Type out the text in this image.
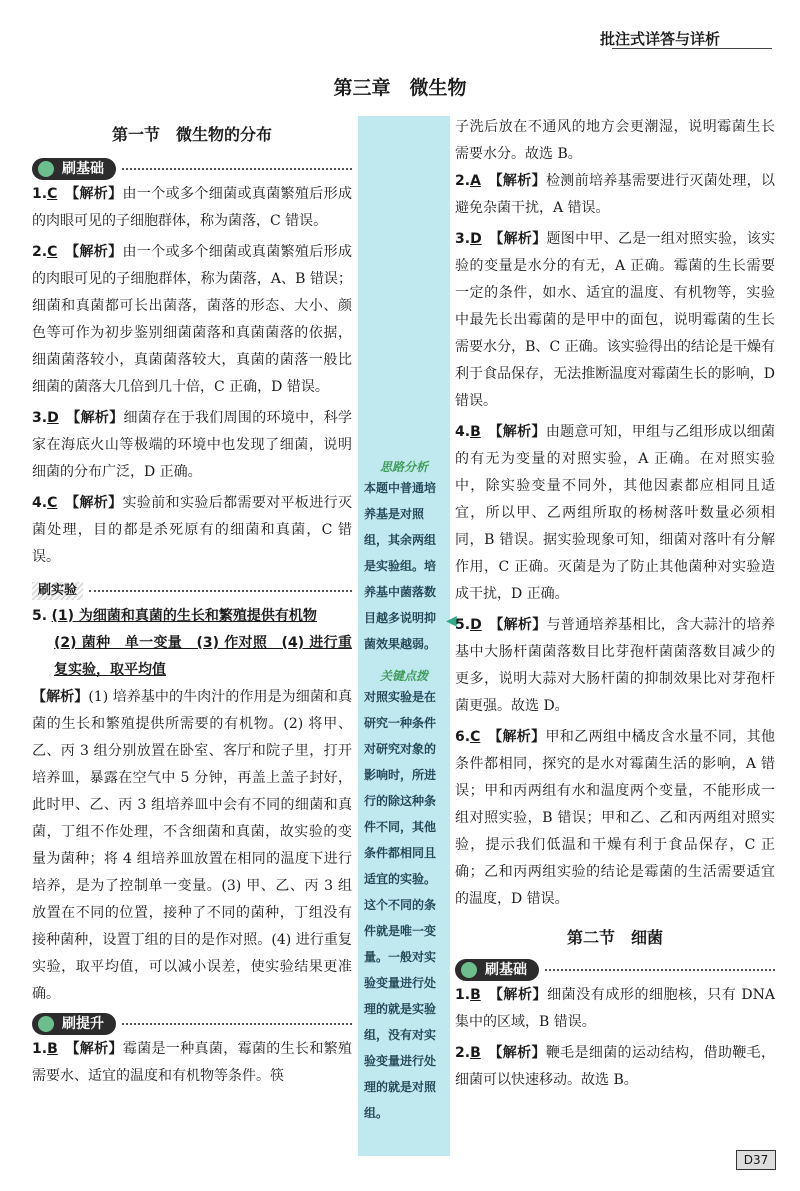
批注式详答与详析
第三章　微生物
思路分析
本题中普通培养基是对照组，其余两组是实验组。培养基中菌落数目越多说明抑菌效果越弱。
关键点拨
对照实验是在研究一种条件对研究对象的影响时，所进行的除这种条件不同，其他条件都相同且适宜的实验。这个不同的条件就是唯一变量。一般对实验变量进行处理的就是实验组，没有对实验变量进行处理的就是对照组。
◀
第一节　微生物的分布
刷基础
1.C　 【解析】由一个或多个细菌或真菌繁殖后形成的肉眼可见的子细胞群体，称为菌落，C 错误。
2.C　 【解析】由一个或多个细菌或真菌繁殖后形成的肉眼可见的子细胞群体，称为菌落，A、B 错误；细菌和真菌都可长出菌落，菌落的形态、大小、颜色等可作为初步鉴别细菌菌落和真菌菌落的依据，细菌菌落较小，真菌菌落较大，真菌的菌落一般比细菌的菌落大几倍到几十倍，C 正确，D 错误。
3.D　 【解析】细菌存在于我们周围的环境中，科学家在海底火山等极端的环境中也发现了细菌，说明细菌的分布广泛，D 正确。
4.C　 【解析】实验前和实验后都需要对平板进行灭菌处理，目的都是杀死原有的细菌和真菌，C 错误。
刷实验
5. (1) 为细菌和真菌的生长和繁殖提供有机物
(2) 菌种　单一变量　(3) 作对照　(4) 进行重复实验，取平均值
【解析】(1) 培养基中的牛肉汁的作用是为细菌和真菌的生长和繁殖提供所需要的有机物。(2) 将甲、乙、丙 3 组分别放置在卧室、客厅和院子里，打开培养皿，暴露在空气中 5 分钟，再盖上盖子封好，此时甲、乙、丙 3 组培养皿中会有不同的细菌和真菌，丁组不作处理，不含细菌和真菌，故实验的变量为菌种；将 4 组培养皿放置在相同的温度下进行培养，是为了控制单一变量。(3) 甲、乙、丙 3 组放置在不同的位置，接种了不同的菌种，丁组没有接种菌种，设置丁组的目的是作对照。(4) 进行重复实验，取平均值，可以减小误差，使实验结果更准确。
刷提升
1.B　 【解析】霉菌是一种真菌，霉菌的生长和繁殖需要水、适宜的温度和有机物等条件。筷
子洗后放在不通风的地方会更潮湿，说明霉菌生长需要水分。故选 B。
2.A　 【解析】检测前培养基需要进行灭菌处理，以避免杂菌干扰，A 错误。
3.D　 【解析】题图中甲、乙是一组对照实验，该实验的变量是水分的有无，A 正确。霉菌的生长需要一定的条件，如水、适宜的温度、有机物等，实验中最先长出霉菌的是甲中的面包，说明霉菌的生长需要水分，B、C 正确。该实验得出的结论是干燥有利于食品保存，无法推断温度对霉菌生长的影响，D 错误。
4.B　 【解析】由题意可知，甲组与乙组形成以细菌的有无为变量的对照实验，A 正确。在对照实验中，除实验变量不同外，其他因素都应相同且适宜，所以甲、乙两组所取的杨树落叶数量必须相同，B 错误。据实验现象可知，细菌对落叶有分解作用，C 正确。灭菌是为了防止其他菌种对实验造成干扰，D 正确。
5.D　 【解析】与普通培养基相比，含大蒜汁的培养基中大肠杆菌菌落数目比芽孢杆菌菌落数目减少的更多，说明大蒜对大肠杆菌的抑制效果比对芽孢杆菌更强。故选 D。
6.C　 【解析】甲和乙两组中橘皮含水量不同，其他条件都相同，探究的是水对霉菌生活的影响，A 错误；甲和丙两组有水和温度两个变量，不能形成一组对照实验，B 错误；甲和乙、乙和丙两组对照实验，提示我们低温和干燥有利于食品保存，C 正确；乙和丙两组实验的结论是霉菌的生活需要适宜的温度，D 错误。
第二节　细菌
刷基础
1.B　 【解析】细菌没有成形的细胞核，只有 DNA 集中的区域，B 错误。
2.B　 【解析】鞭毛是细菌的运动结构，借助鞭毛，细菌可以快速移动。故选 B。
D37
